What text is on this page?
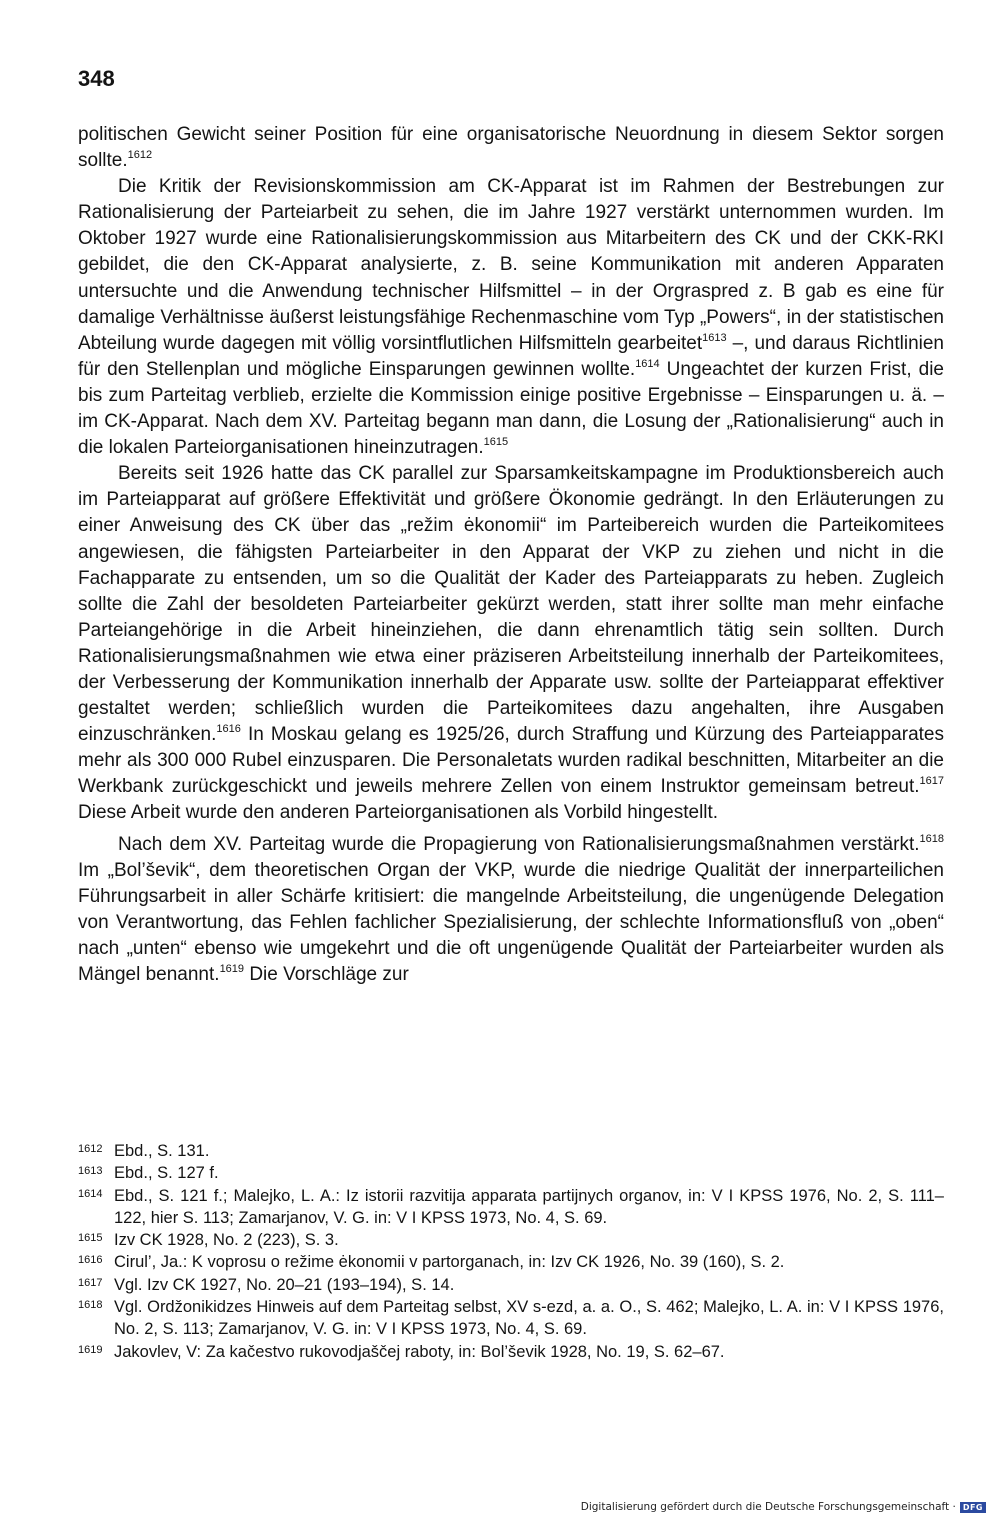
348

politischen Gewicht seiner Position für eine organisatorische Neuordnung in diesem Sektor sorgen sollte.$^{1612}$

Die Kritik der Revisionskommission am CK-Apparat ist im Rahmen der Bestrebungen zur Rationalisierung der Parteiarbeit zu sehen, die im Jahre 1927 verstärkt unternommen wurden. Im Oktober 1927 wurde eine Rationalisierungskommission aus Mitarbeitern des CK und der CKK-RKI gebildet, die den CK-Apparat analysierte, z. B. seine Kommunikation mit anderen Apparaten untersuchte und die Anwendung technischer Hilfsmittel – in der Orgraspred z. B gab es eine für damalige Verhältnisse äußerst leistungsfähige Rechenmaschine vom Typ „Powers“, in der statistischen Abteilung wurde dagegen mit völlig vorsintflutlichen Hilfsmitteln gearbeitet$^{1613}$ –, und daraus Richtlinien für den Stellenplan und mögliche Einsparungen gewinnen wollte.$^{1614}$ Ungeachtet der kurzen Frist, die bis zum Parteitag verblieb, erzielte die Kommission einige positive Ergebnisse – Einsparungen u. ä. – im CK-Apparat. Nach dem XV. Parteitag begann man dann, die Losung der „Rationalisierung“ auch in die lokalen Parteiorganisationen hineinzutragen.$^{1615}$

Bereits seit 1926 hatte das CK parallel zur Sparsamkeitskampagne im Produktionsbereich auch im Parteiapparat auf größere Effektivität und größere Ökonomie gedrängt. In den Erläuterungen zu einer Anweisung des CK über das „režim ėkonomii“ im Parteibereich wurden die Parteikomitees angewiesen, die fähigsten Parteiarbeiter in den Apparat der VKP zu ziehen und nicht in die Fachapparate zu entsenden, um so die Qualität der Kader des Parteiapparats zu heben. Zugleich sollte die Zahl der besoldeten Parteiarbeiter gekürzt werden, statt ihrer sollte man mehr einfache Parteiangehörige in die Arbeit hineinziehen, die dann ehrenamtlich tätig sein sollten. Durch Rationalisierungsmaßnahmen wie etwa einer präziseren Arbeitsteilung innerhalb der Parteikomitees, der Verbesserung der Kommunikation innerhalb der Apparate usw. sollte der Parteiapparat effektiver gestaltet werden; schließlich wurden die Parteikomitees dazu angehalten, ihre Ausgaben einzuschränken.$^{1616}$ In Moskau gelang es 1925/26, durch Straffung und Kürzung des Parteiapparates mehr als 300 000 Rubel einzusparen. Die Personaletats wurden radikal beschnitten, Mitarbeiter an die Werkbank zurückgeschickt und jeweils mehrere Zellen von einem Instruktor gemeinsam betreut.$^{1617}$ Diese Arbeit wurde den anderen Parteiorganisationen als Vorbild hingestellt.

Nach dem XV. Parteitag wurde die Propagierung von Rationalisierungsmaßnahmen verstärkt.$^{1618}$ Im „Bol’ševik“, dem theoretischen Organ der VKP, wurde die niedrige Qualität der innerparteilichen Führungsarbeit in aller Schärfe kritisiert: die mangelnde Arbeitsteilung, die ungenügende Delegation von Verantwortung, das Fehlen fachlicher Spezialisierung, der schlechte Informationsfluß von „oben“ nach „unten“ ebenso wie umgekehrt und die oft ungenügende Qualität der Parteiarbeiter wurden als Mängel benannt.$^{1619}$ Die Vorschläge zur

1612 Ebd., S. 131.
1613 Ebd., S. 127 f.
1614 Ebd., S. 121 f.; Malejko, L. A.: Iz istorii razvitija apparata partijnych organov, in: V I KPSS 1976, No. 2, S. 111–122, hier S. 113; Zamarjanov, V. G. in: V I KPSS 1973, No. 4, S. 69.
1615 Izv CK 1928, No. 2 (223), S. 3.
1616 Cirul’, Ja.: K voprosu o režime ėkonomii v partorganach, in: Izv CK 1926, No. 39 (160), S. 2.
1617 Vgl. Izv CK 1927, No. 20–21 (193–194), S. 14.
1618 Vgl. Ordžonikidzes Hinweis auf dem Parteitag selbst, XV s-ezd, a. a. O., S. 462; Malejko, L. A. in: V I KPSS 1976, No. 2, S. 113; Zamarjanov, V. G. in: V I KPSS 1973, No. 4, S. 69.
1619 Jakovlev, V: Za kačestvo rukovodjaščej raboty, in: Bol’ševik 1928, No. 19, S. 62–67.
Digitalisierung gefördert durch die Deutsche Forschungsgemeinschaft · DFG
